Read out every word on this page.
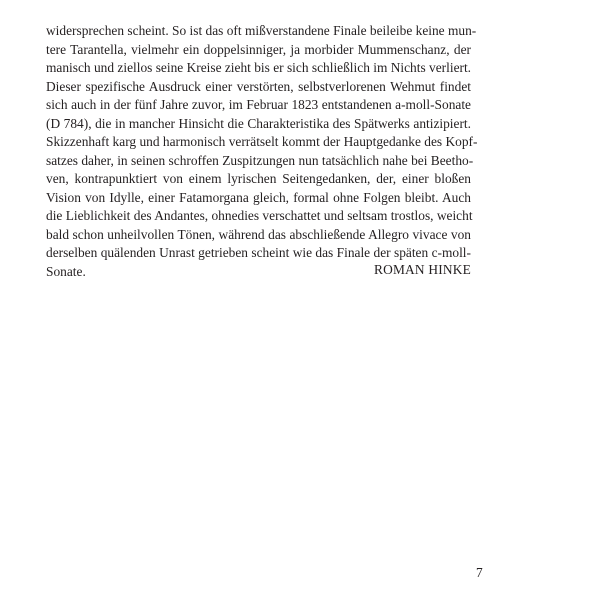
widersprechen scheint. So ist das oft mißverstandene Finale beileibe keine mun-
tere Tarantella, vielmehr ein doppelsinniger, ja morbider Mummenschanz, der
manisch und ziellos seine Kreise zieht bis er sich schließlich im Nichts verliert.
Dieser spezifische Ausdruck einer verstörten, selbstverlorenen Wehmut findet
sich auch in der fünf Jahre zuvor, im Februar 1823 entstandenen a-moll-Sonate
(D 784), die in mancher Hinsicht die Charakteristika des Spätwerks antizipiert.
Skizzenhaft karg und harmonisch verrätselt kommt der Hauptgedanke des Kopf-
satzes daher, in seinen schroffen Zuspitzungen nun tatsächlich nahe bei Beetho-
ven, kontrapunktiert von einem lyrischen Seitengedanken, der, einer bloßen
Vision von Idylle, einer Fatamorgana gleich, formal ohne Folgen bleibt. Auch
die Lieblichkeit des Andantes, ohnedies verschattet und seltsam trostlos, weicht
bald schon unheilvollen Tönen, während das abschließende Allegro vivace von
derselben quälenden Unrast getrieben scheint wie das Finale der späten c-moll-
Sonate.	ROMAN HINKE
7
